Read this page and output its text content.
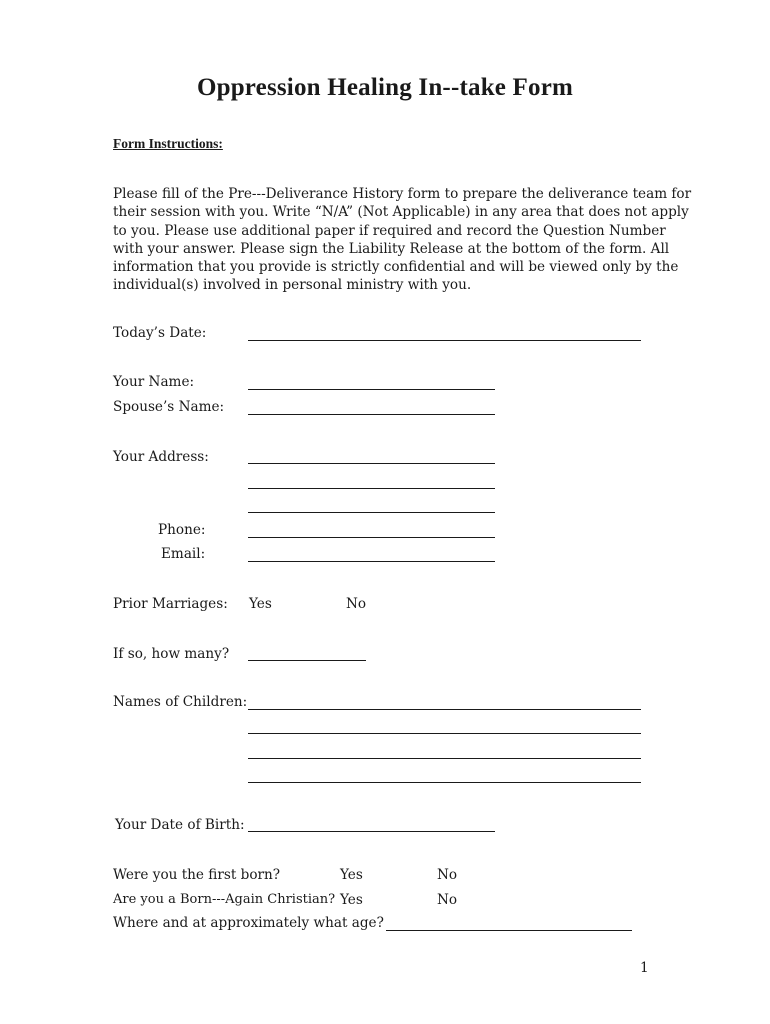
Oppression Healing In--take Form
Form Instructions:
Please fill of the Pre---Deliverance History form to prepare the deliverance team for
their session with you. Write “N/A” (Not Applicable) in any area that does not apply
to you. Please use additional paper if required and record the Question Number
with your answer. Please sign the Liability Release at the bottom of the form. All
information that you provide is strictly confidential and will be viewed only by the
individual(s) involved in personal ministry with you.
Today’s Date:
Your Name:
Spouse’s Name:
Your Address:
Phone:
Email:
Prior Marriages: Yes	No
If so, how many?
Names of Children:
Your Date of Birth:
Were you the first born?	Yes	No
Are you a Born---Again Christian? Yes	No
Where and at approximately what age?
1
